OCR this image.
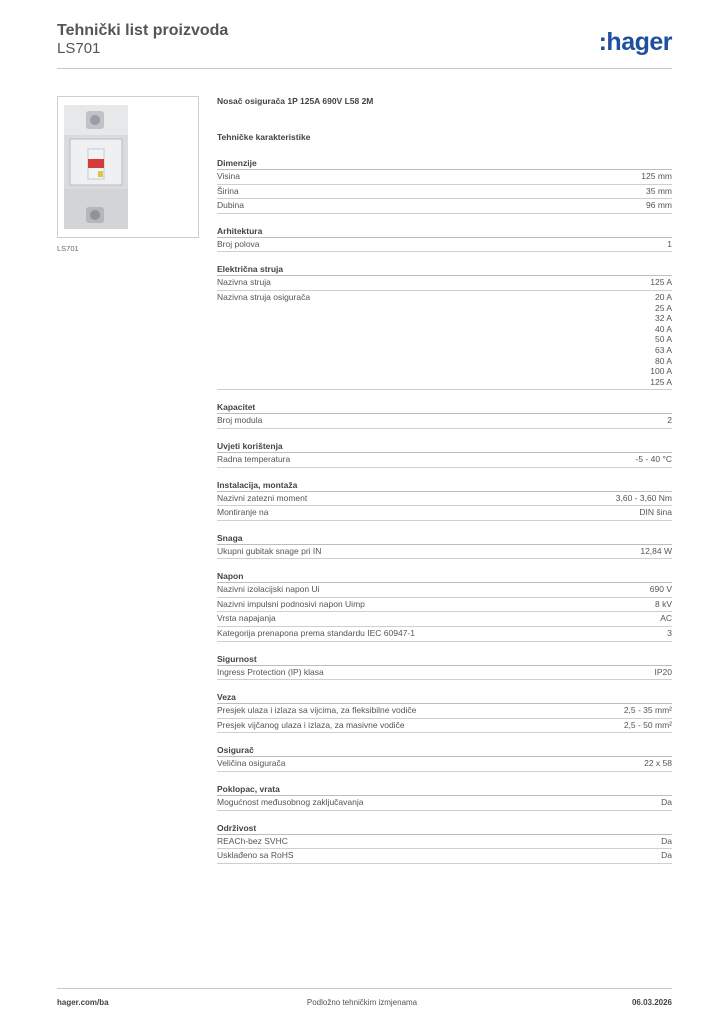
Tehnički list proizvoda
LS701	:hager
LS701
Nosač osigurača 1P 125A 690V L58 2M
Tehničke karakteristike
Dimenzije
Visina	125 mm
Širina	35 mm
Dubina	96 mm
Arhitektura
Broj polova	1
Električna struja
Nazivna struja	125 A
Nazivna struja osigurača	20 A
25 A
32 A
40 A
50 A
63 A
80 A
100 A
125 A
Kapacitet
Broj modula	2
Uvjeti korištenja
Radna temperatura	-5 - 40 °C
Instalacija, montaža
Nazivni zatezni moment	3,60 - 3,60 Nm
Montiranje na	DIN šina
Snaga
Ukupni gubitak snage pri IN	12,84 W
Napon
Nazivni izolacijski napon Ui	690 V
Nazivni impulsni podnosivi napon Uimp	8 kV
Vrsta napajanja	AC
Kategorija prenapona prema standardu IEC 60947-1	3
Sigurnost
Ingress Protection (IP) klasa	IP20
Veza
Presjek ulaza i izlaza sa vijcima, za fleksibilne vodiče	2,5 - 35 mm²
Presjek vijčanog ulaza i izlaza, za masivne vodiče	2,5 - 50 mm²
Osigurač
Veličina osigurača	22 x 58
Poklopac, vrata
Mogućnost međusobnog zaključavanja	Da
Održivost
REACh-bez SVHC	Da
Usklađeno sa RoHS	Da
hager.com/ba	Podložno tehničkim izmjenama	06.03.2026
